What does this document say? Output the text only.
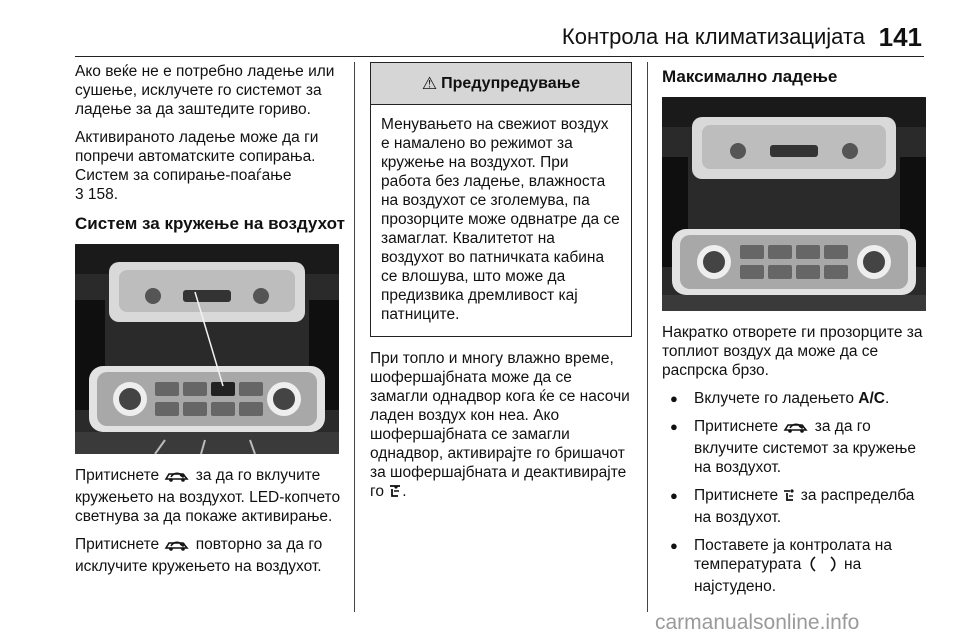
Контрола на климатизацијата 141

Ако веќе не е потребно ладење или сушење, исклучете го системот за ладење за да заштедите гориво.

Активираното ладење може да ги попречи автоматските сопирања. Систем за сопирање-поаѓање
3 158.

Систем за кружење на воздухот

Притиснете за да го вклучите кружењето на воздухот. LED-копчето светнува за да покаже активирање.

Притиснете повторно за да го исклучите кружењето на воздухот.

⚠ Предупредување
Менувањето на свежиот воздух е намалено во режимот за кружење на воздухот. При работа без ладење, влажноста на воздухот се зголемува, па прозорците може одвнатре да се замаглат. Квалитетот на воздухот во патничката кабина се влошува, што може да предизвика дремливост кај патниците.

При топло и многу влажно време, шофершајбната може да се замагли однадвор кога ќе се насочи ладен воздух кон неа. Ако шофершајбната се замагли однадвор, активирајте го бришачот за шофершајбната и деактивирајте го .

Максимално ладење

Накратко отворете ги прозорците за топлиот воздух да може да се распрска брзо.

● Вклучете го ладењето A/C.
● Притиснете за да го вклучите системот за кружење на воздухот.
● Притиснете за распределба на воздухот.
● Поставете ја контролата на температурата	на најстудено.
carmanualsonline.info
